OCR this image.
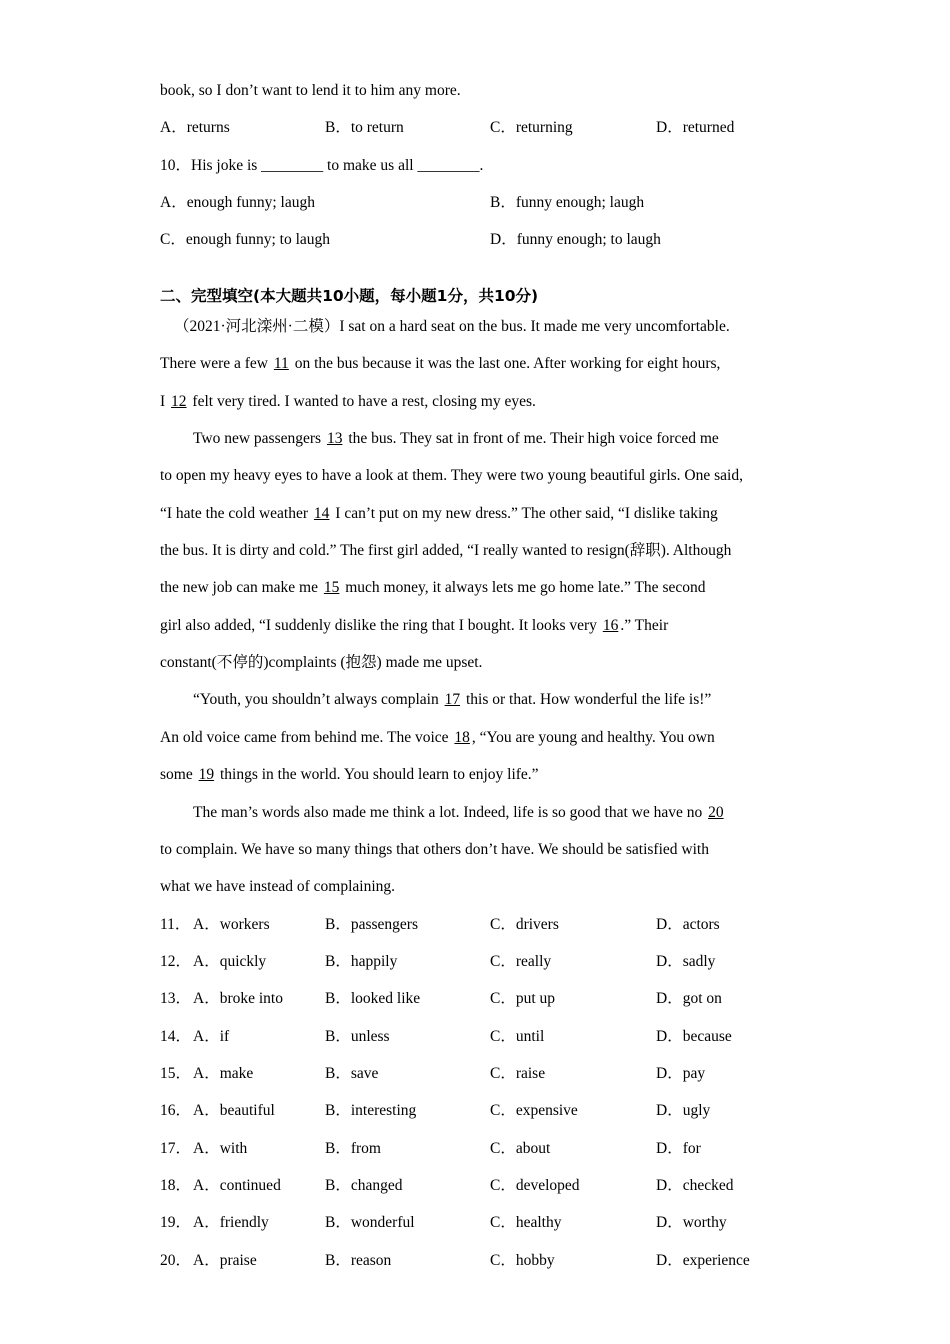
book, so I don’t want to lend it to him any more.
A．returns	B．to return	C．returning	D．returned
10．His joke is ________ to make us all ________.
A．enough funny; laugh	B．funny enough; laugh
C．enough funny; to laugh	D．funny enough; to laugh
二、完型填空(本大题共10小题，每小题1分，共10分)
（2021·河北滦州·二模）I sat on a hard seat on the bus. It made me very uncomfortable.
There were a few 11 on the bus because it was the last one. After working for eight hours,
I 12 felt very tired. I wanted to have a rest, closing my eyes.
Two new passengers 13 the bus. They sat in front of me. Their high voice forced me
to open my heavy eyes to have a look at them. They were two young beautiful girls. One said,
“I hate the cold weather 14 I can’t put on my new dress.” The other said, “I dislike taking
the bus. It is dirty and cold.” The first girl added, “I really wanted to resign(辞职). Although
the new job can make me 15 much money, it always lets me go home late.” The second
girl also added, “I suddenly dislike the ring that I bought. It looks very 16.” Their
constant(不停的)complaints (抱怨) made me upset.
“Youth, you shouldn’t always complain 17 this or that. How wonderful the life is!”
An old voice came from behind me. The voice 18, “You are young and healthy. You own
some 19 things in the world. You should learn to enjoy life.”
The man’s words also made me think a lot. Indeed, life is so good that we have no 20
to complain. We have so many things that others don’t have. We should be satisfied with
what we have instead of complaining.
11． A．workers	B．passengers	C．drivers	D．actors
12． A．quickly	B．happily	C．really	D．sadly
13． A．broke into	B．looked like	C．put up	D．got on
14． A．if	B．unless	C．until	D．because
15． A．make	B．save	C．raise	D．pay
16． A．beautiful	B．interesting	C．expensive	D．ugly
17． A．with	B．from	C．about	D．for
18． A．continued	B．changed	C．developed	D．checked
19． A．friendly	B．wonderful	C．healthy	D．worthy
20． A．praise	B．reason	C．hobby	D．experience
